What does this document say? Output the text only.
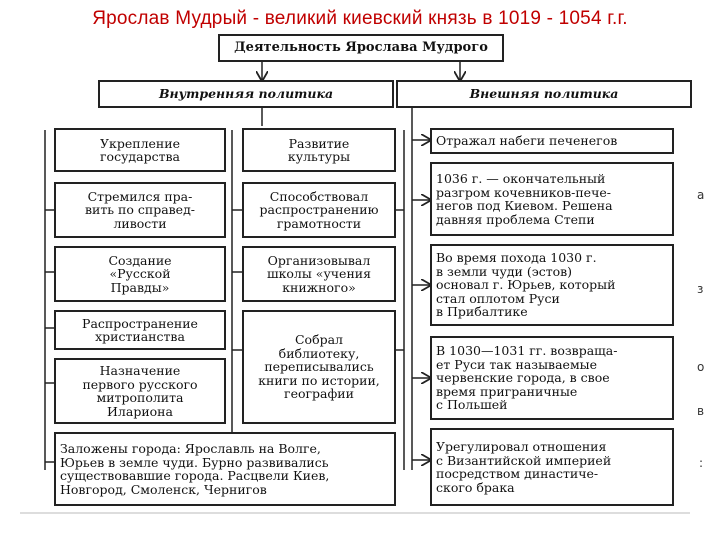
Ярослав Мудрый - великий киевский князь в 1019 - 1054 г.г.
Деятельность Ярослава Мудрого
Внутренняя политика	Внешняя политика
Укрепление
государства
Стремился пра-
вить по справед-
ливости
Создание
«Русской
Правды»
Распространение
христианства
Назначение
первого русского
митрополита
Илариона
Развитие
культуры
Способствовал
распространению
грамотности
Организовывал
школы «учения
книжного»
Собрал
библиотеку,
переписывались
книги по истории,
географии
Заложены города: Ярославль на Волге,
Юрьев в земле чуди. Бурно развивались
существовавшие города. Расцвели Киев,
Новгород, Смоленск, Чернигов
Отражал набеги печенегов
1036 г. — окончательный
разгром кочевников-пече-
негов под Киевом. Решена
давняя проблема Степи
Во время похода 1030 г.
в земли чуди (эстов)
основал г. Юрьев, который
стал оплотом Руси
в Прибалтике
В 1030—1031 гг. возвраща-
ет Руси так называемые
червенские города, в свое
время приграничные
с Польшей
Урегулировал отношения
с Византийской империей
посредством династиче-
ского брака
а
з
о
в
:
